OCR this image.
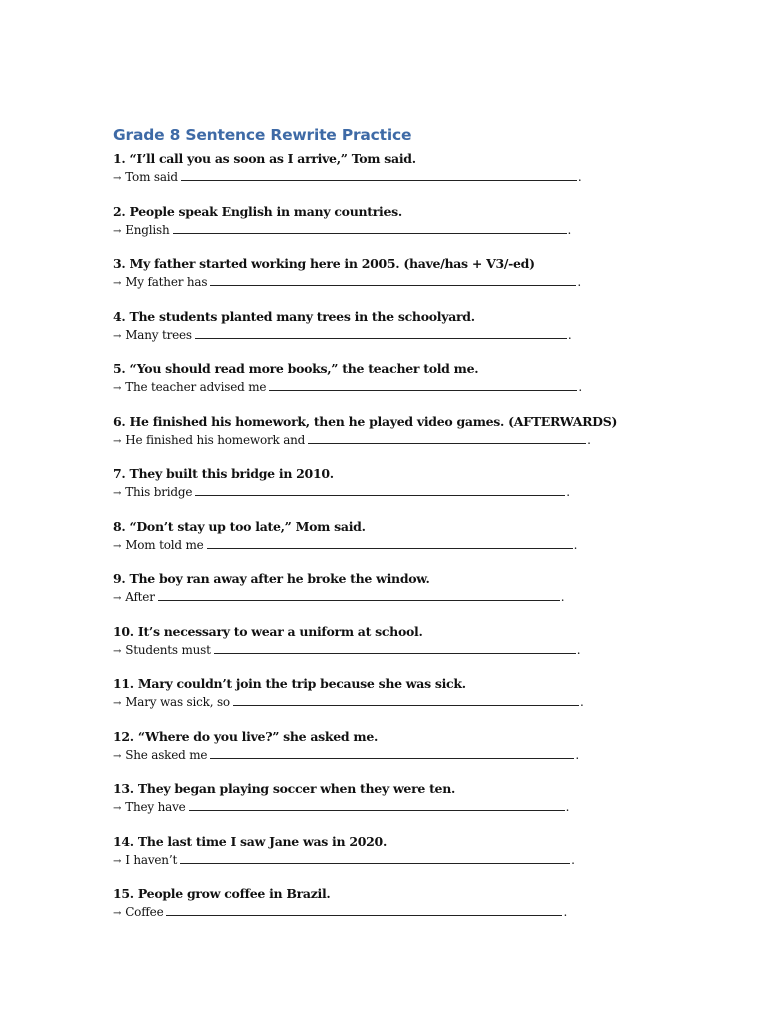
Grade 8 Sentence Rewrite Practice
1. “I’ll call you as soon as I arrive,” Tom said.
→ Tom said	.
2. People speak English in many countries.
→ English	.
3. My father started working here in 2005. (have/has + V3/-ed)
→ My father has	.
4. The students planted many trees in the schoolyard.
→ Many trees	.
5. “You should read more books,” the teacher told me.
→ The teacher advised me	.
6. He finished his homework, then he played video games. (AFTERWARDS)
→ He finished his homework and	.
7. They built this bridge in 2010.
→ This bridge	.
8. “Don’t stay up too late,” Mom said.
→ Mom told me	.
9. The boy ran away after he broke the window.
→ After	.
10. It’s necessary to wear a uniform at school.
→ Students must	.
11. Mary couldn’t join the trip because she was sick.
→ Mary was sick, so	.
12. “Where do you live?” she asked me.
→ She asked me	.
13. They began playing soccer when they were ten.
→ They have	.
14. The last time I saw Jane was in 2020.
→ I haven’t	.
15. People grow coffee in Brazil.
→ Coffee	.
